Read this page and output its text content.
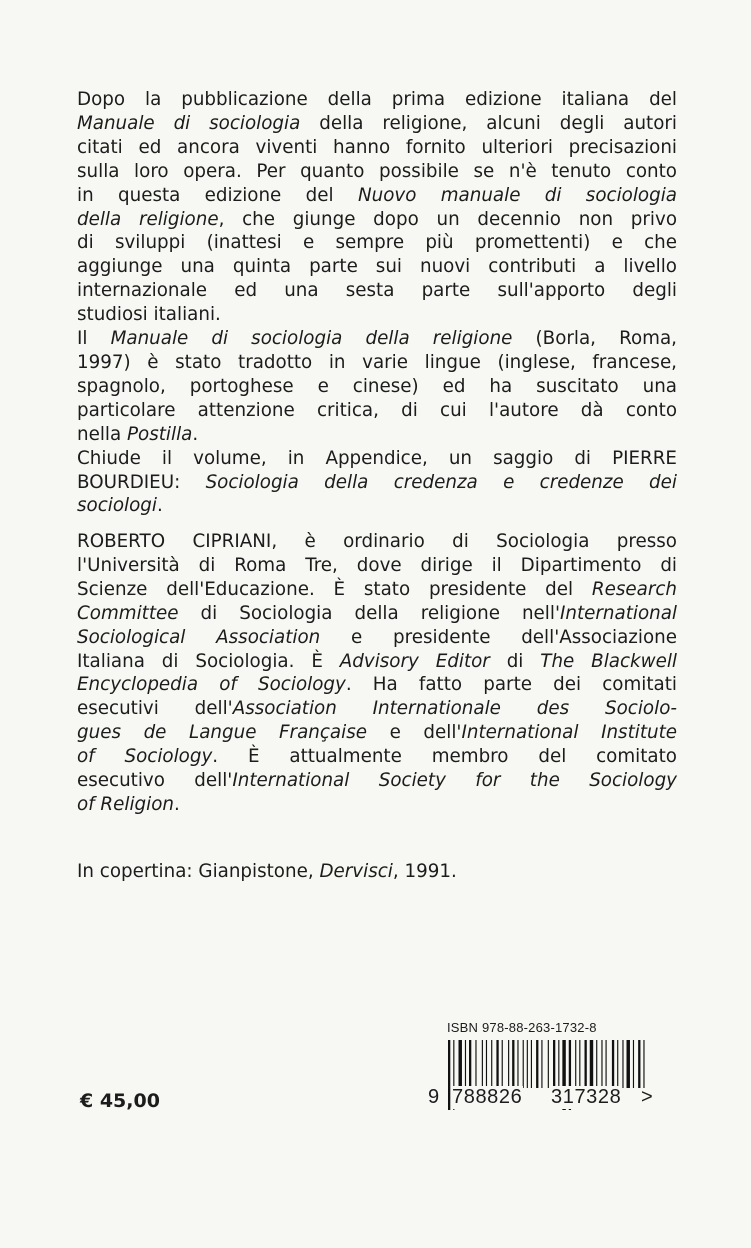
Dopo la pubblicazione della prima edizione italiana del
Manuale di sociologia della religione, alcuni degli autori
citati ed ancora viventi hanno fornito ulteriori precisazioni
sulla loro opera. Per quanto possibile se n'è tenuto conto
in questa edizione del Nuovo manuale di sociologia
della religione, che giunge dopo un decennio non privo
di sviluppi (inattesi e sempre più promettenti) e che
aggiunge una quinta parte sui nuovi contributi a livello
internazionale ed una sesta parte sull'apporto degli
studiosi italiani.
Il Manuale di sociologia della religione (Borla, Roma,
1997) è stato tradotto in varie lingue (inglese, francese,
spagnolo, portoghese e cinese) ed ha suscitato una
particolare attenzione critica, di cui l'autore dà conto
nella Postilla.
Chiude il volume, in Appendice, un saggio di PIERRE
BOURDIEU: Sociologia della credenza e credenze dei
sociologi.
ROBERTO CIPRIANI, è ordinario di Sociologia presso
l'Università di Roma Tre, dove dirige il Dipartimento di
Scienze dell'Educazione. È stato presidente del Research
Committee di Sociologia della religione nell'International
Sociological Association e presidente dell'Associazione
Italiana di Sociologia. È Advisory Editor di The Blackwell
Encyclopedia of Sociology. Ha fatto parte dei comitati
esecutivi dell'Association Internationale des Sociolo-
gues de Langue Française e dell'International Institute
of Sociology. È attualmente membro del comitato
esecutivo dell'International Society for the Sociology
of Religion.
In copertina: Gianpistone, Dervisci, 1991.
ISBN 978-88-263-1732-8
9 788826 317328 >
€ 45,00
